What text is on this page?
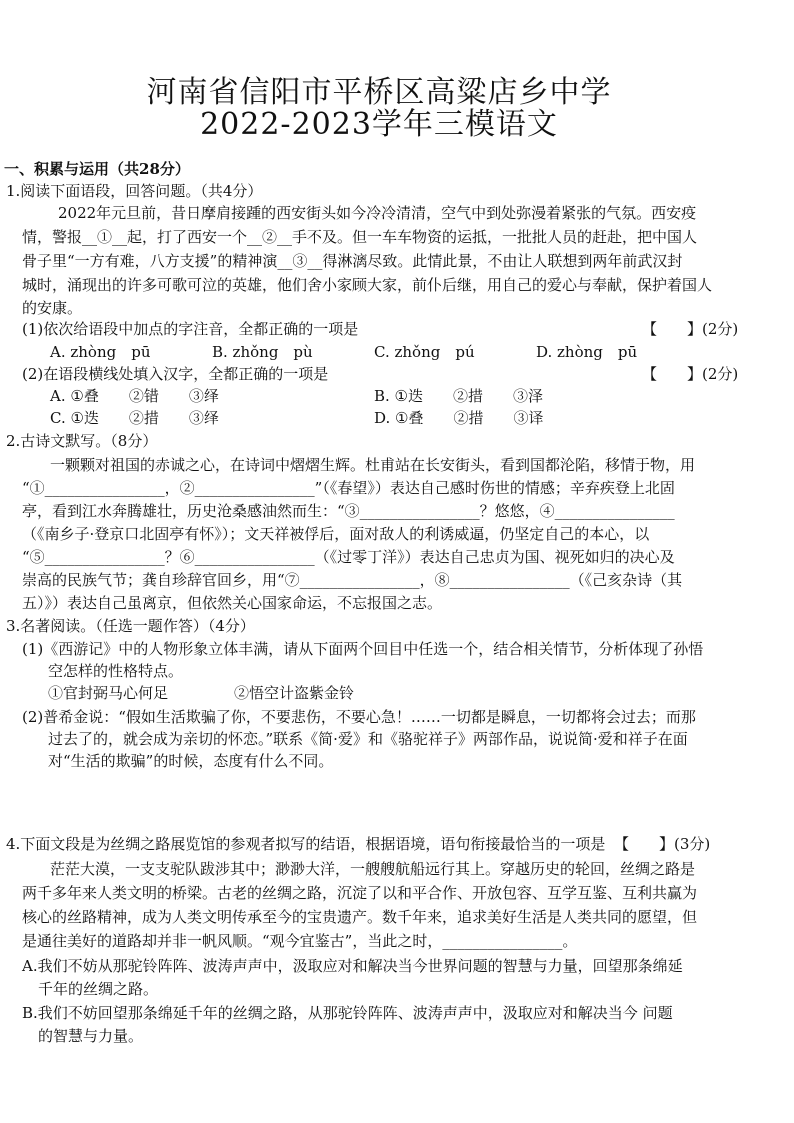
河南省信阳市平桥区高粱店乡中学
2022-2023学年三模语文
一、积累与运用（共28分）
1.阅读下面语段，回答问题。（共4分）
2022年元旦前，昔日摩肩接踵的西安街头如今冷冷清清，空气中到处弥漫着紧张的气氛。西安疫
情，警报__①__起，打了西安一个__②__手不及。但一车车物资的运抵，一批批人员的赶赴，把中国人
骨子里“一方有难，八方支援”的精神演__③__得淋漓尽致。此情此景，不由让人联想到两年前武汉封
城时，涌现出的许多可歌可泣的英雄，他们舍小家顾大家，前仆后继，用自己的爱心与奉献，保护着国人
的安康。
(1)依次给语段中加点的字注音，全都正确的一项是	【　　】(2分)
A. zhòng　pū	B. zhǒng　pù	C. zhǒng　pú	D. zhòng　pū
(2)在语段横线处填入汉字，全都正确的一项是	【　　】(2分)
A. ①叠　　②错　　③绎	B. ①迭　　②措　　③泽
C. ①迭　　②措　　③绎	D. ①叠　　②措　　③译
2.古诗文默写。（8分）
一颗颗对祖国的赤诚之心，在诗词中熠熠生辉。杜甫站在长安街头，看到国都沦陷，移情于物，用
“①________________，②________________”（《春望》）表达自己感时伤世的情感；辛弃疾登上北固
亭，看到江水奔腾雄壮，历史沧桑感油然而生：“③________________？悠悠，④________________
（《南乡子·登京口北固亭有怀》）；文天祥被俘后，面对敌人的利诱威逼，仍坚定自己的本心，以
“⑤________________？⑥________________（《过零丁洋》）表达自己忠贞为国、视死如归的决心及
崇高的民族气节；龚自珍辞官回乡，用“⑦________________，⑧________________（《己亥杂诗（其
五）》）表达自己虽离京，但依然关心国家命运，不忘报国之志。
3.名著阅读。（任选一题作答）（4分）
(1)《西游记》中的人物形象立体丰满，请从下面两个回目中任选一个，结合相关情节，分析体现了孙悟
空怎样的性格特点。
①官封弼马心何足	②悟空计盗紫金铃
(2)普希金说：“假如生活欺骗了你，不要悲伤，不要心急！……一切都是瞬息，一切都将会过去；而那
过去了的，就会成为亲切的怀恋。”联系《简·爱》和《骆驼祥子》两部作品，说说简·爱和祥子在面
对“生活的欺骗”的时候，态度有什么不同。
4.下面文段是为丝绸之路展览馆的参观者拟写的结语，根据语境，语句衔接最恰当的一项是 【　　】(3分)
茫茫大漠，一支支驼队跋涉其中；渺渺大洋，一艘艘航船远行其上。穿越历史的轮回，丝绸之路是
两千多年来人类文明的桥梁。古老的丝绸之路，沉淀了以和平合作、开放包容、互学互鉴、互利共赢为
核心的丝路精神，成为人类文明传承至今的宝贵遗产。数千年来，追求美好生活是人类共同的愿望，但
是通往美好的道路却并非一帆风顺。“观今宜鉴古”，当此之时，________________。
A.我们不妨从那驼铃阵阵、波涛声声中，汲取应对和解决当今世界问题的智慧与力量，回望那条绵延
千年的丝绸之路。
B.我们不妨回望那条绵延千年的丝绸之路，从那驼铃阵阵、波涛声声中，汲取应对和解决当今 问题
的智慧与力量。
